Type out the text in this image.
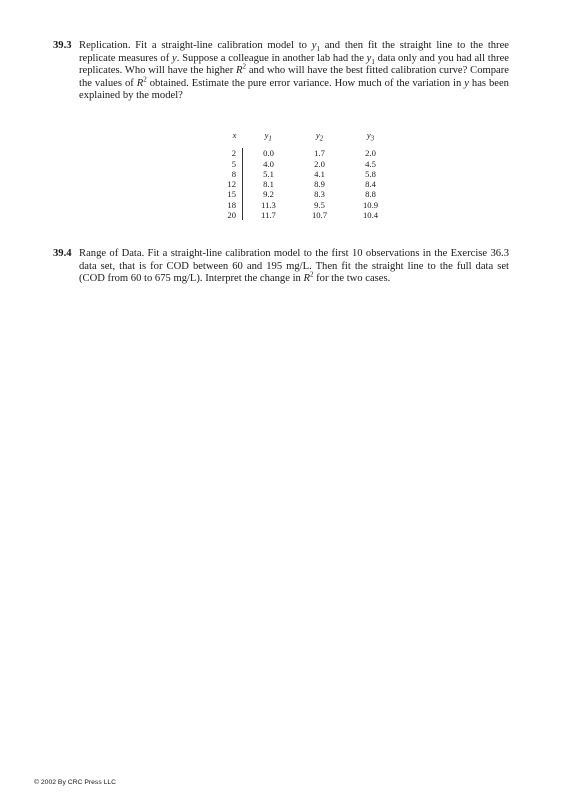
39.3 Replication. Fit a straight-line calibration model to $y_1$ and then fit the straight line to the three replicate measures of y. Suppose a colleague in another lab had the $y_1$ data only and you had all three replicates. Who will have the higher $R^2$ and who will have the best fitted calibration curve? Compare the values of $R^2$ obtained. Estimate the pure error variance. How much of the variation in y has been explained by the model?
x	$y_1$	$y_2$	$y_3$
2	0.0	1.7	2.0
5	4.0	2.0	4.5
8	5.1	4.1	5.8
12	8.1	8.9	8.4
15	9.2	8.3	8.8
18	11.3	9.5	10.9
20	11.7	10.7	10.4
39.4 Range of Data. Fit a straight-line calibration model to the first 10 observations in the Exercise 36.3 data set, that is for COD between 60 and 195 mg/L. Then fit the straight line to the full data set (COD from 60 to 675 mg/L). Interpret the change in $R^2$ for the two cases.
© 2002 By CRC Press LLC
